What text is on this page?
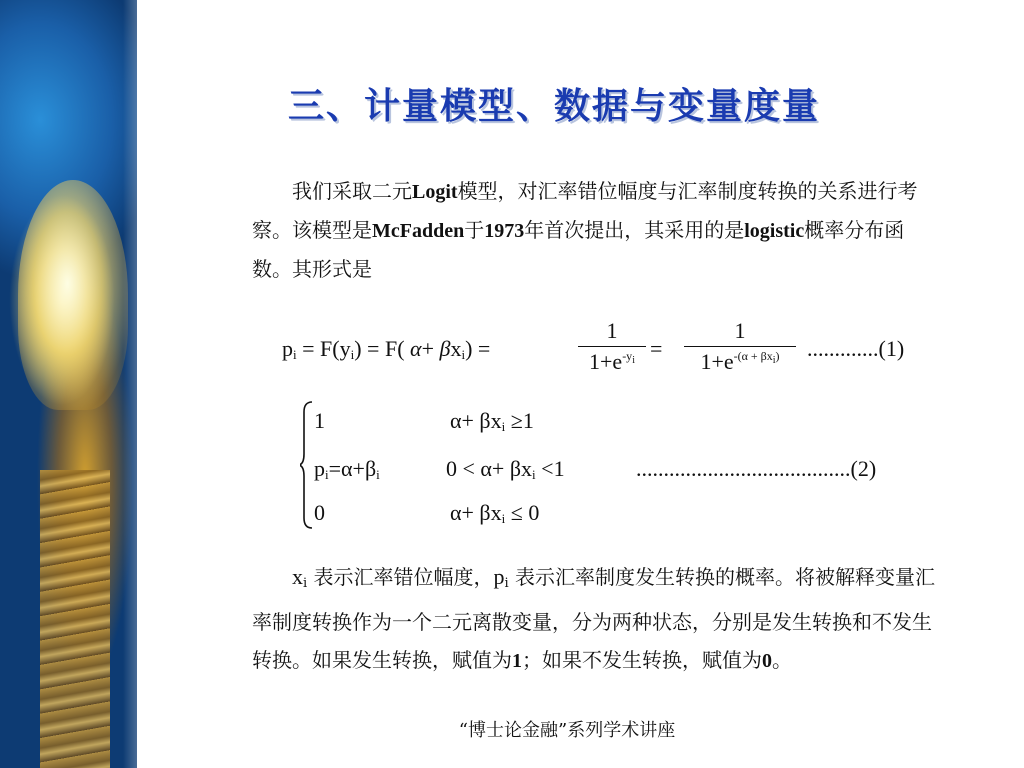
三、计量模型、数据与变量度量
我们采取二元Logit模型，对汇率错位幅度与汇率制度转换的关系进行考察。该模型是McFadden于1973年首次提出，其采用的是logistic概率分布函数。其形式是
$p_i = F(y_i) = F$( $\alpha+ \beta x_i$) =
1
$1+e^{-y_i}$ =
1
$1+e^{-(\alpha + \beta x_i)}$	.............(1)
1	$\alpha+ \beta x_i \ge 1$
$p_i=\alpha+\beta_i$	$0 < \alpha+ \beta x_i <1$
0	$\alpha+ \beta x_i \le 0$
.......................................(2)
$x_i$ 表示汇率错位幅度，$p_i$ 表示汇率制度发生转换的概率。将被解释变量汇率制度转换作为一个二元离散变量，分为两种状态，分别是发生转换和不发生转换。如果发生转换，赋值为1；如果不发生转换，赋值为0。
“博士论金融”系列学术讲座
